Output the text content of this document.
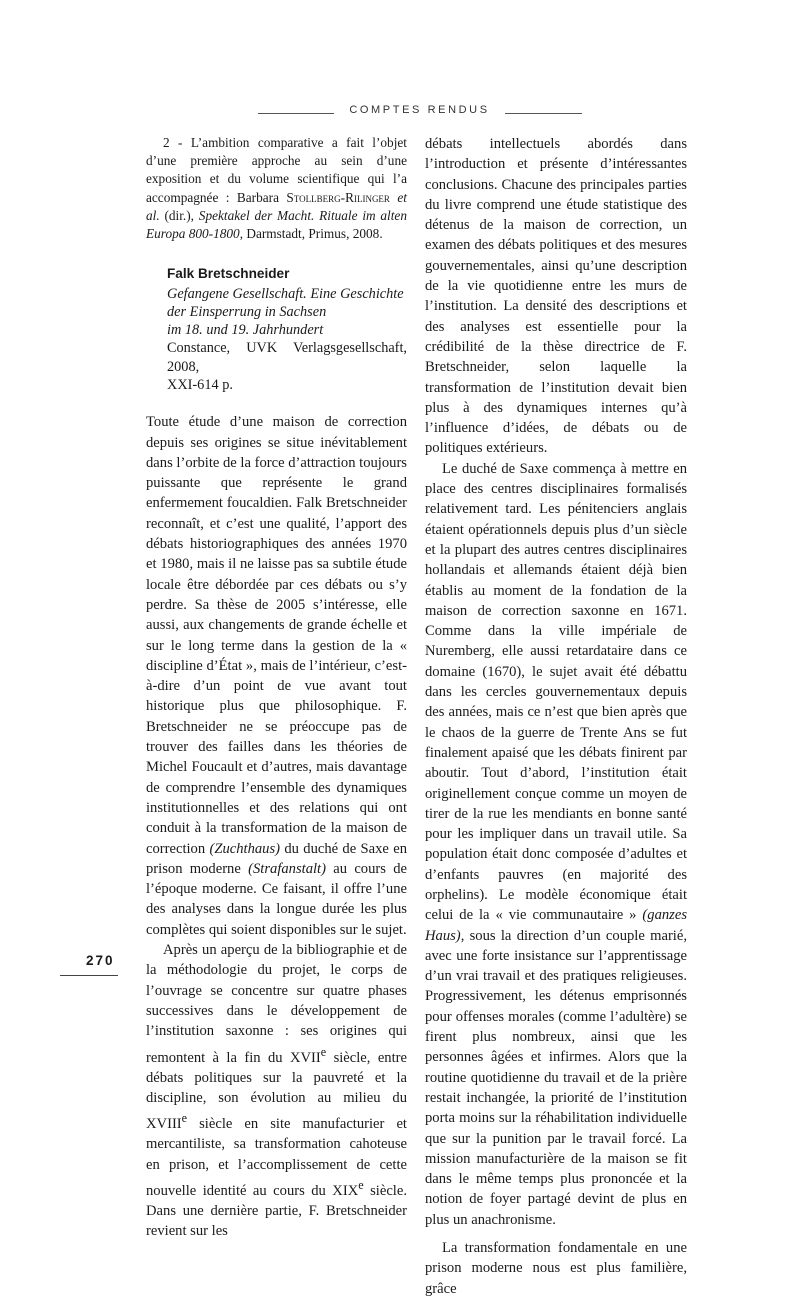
COMPTES RENDUS

2 - L’ambition comparative a fait l’objet d’une première approche au sein d’une exposition et du volume scientifique qui l’a accompagnée : Barbara Stollberg-Rilinger et al. (dir.), Spektakel der Macht. Rituale im alten Europa 800-1800, Darmstadt, Primus, 2008.

Falk Bretschneider
Gefangene Gesellschaft. Eine Geschichte
der Einsperrung in Sachsen
im 18. und 19. Jahrhundert
Constance, UVK Verlagsgesellschaft, 2008,
XXI-614 p.

Toute étude d’une maison de correction depuis ses origines se situe inévitablement dans l’orbite de la force d’attraction toujours puissante que représente le grand enfermement foucaldien. Falk Bretschneider reconnaît, et c’est une qualité, l’apport des débats historiographiques des années 1970 et 1980, mais il ne laisse pas sa subtile étude locale être débordée par ces débats ou s’y perdre. Sa thèse de 2005 s’intéresse, elle aussi, aux changements de grande échelle et sur le long terme dans la gestion de la « discipline d’État », mais de l’intérieur, c’est-à-dire d’un point de vue avant tout historique plus que philosophique. F. Bretschneider ne se préoccupe pas de trouver des failles dans les théories de Michel Foucault et d’autres, mais davantage de comprendre l’ensemble des dynamiques institutionnelles et des relations qui ont conduit à la transformation de la maison de correction (Zuchthaus) du duché de Saxe en prison moderne (Strafanstalt) au cours de l’époque moderne. Ce faisant, il offre l’une des analyses dans la longue durée les plus complètes qui soient disponibles sur le sujet.

Après un aperçu de la bibliographie et de la méthodologie du projet, le corps de l’ouvrage se concentre sur quatre phases successives dans le développement de l’institution saxonne : ses origines qui remontent à la fin du XVIIe siècle, entre débats politiques sur la pauvreté et la discipline, son évolution au milieu du XVIIIe siècle en site manufacturier et mercantiliste, sa transformation cahoteuse en prison, et l’accomplissement de cette nouvelle identité au cours du XIXe siècle. Dans une dernière partie, F. Bretschneider revient sur les

débats intellectuels abordés dans l’introduction et présente d’intéressantes conclusions. Chacune des principales parties du livre comprend une étude statistique des détenus de la maison de correction, un examen des débats politiques et des mesures gouvernementales, ainsi qu’une description de la vie quotidienne entre les murs de l’institution. La densité des descriptions et des analyses est essentielle pour la crédibilité de la thèse directrice de F. Bretschneider, selon laquelle la transformation de l’institution devait bien plus à des dynamiques internes qu’à l’influence d’idées, de débats ou de politiques extérieurs.

Le duché de Saxe commença à mettre en place des centres disciplinaires formalisés relativement tard. Les pénitenciers anglais étaient opérationnels depuis plus d’un siècle et la plupart des autres centres disciplinaires hollandais et allemands étaient déjà bien établis au moment de la fondation de la maison de correction saxonne en 1671. Comme dans la ville impériale de Nuremberg, elle aussi retardataire dans ce domaine (1670), le sujet avait été débattu dans les cercles gouvernementaux depuis des années, mais ce n’est que bien après que le chaos de la guerre de Trente Ans se fut finalement apaisé que les débats finirent par aboutir. Tout d’abord, l’institution était originellement conçue comme un moyen de tirer de la rue les mendiants en bonne santé pour les impliquer dans un travail utile. Sa population était donc composée d’adultes et d’enfants pauvres (en majorité des orphelins). Le modèle économique était celui de la « vie communautaire » (ganzes Haus), sous la direction d’un couple marié, avec une forte insistance sur l’apprentissage d’un vrai travail et des pratiques religieuses. Progressivement, les détenus emprisonnés pour offenses morales (comme l’adultère) se firent plus nombreux, ainsi que les personnes âgées et infirmes. Alors que la routine quotidienne du travail et de la prière restait inchangée, la priorité de l’institution porta moins sur la réhabilitation individuelle que sur la punition par le travail forcé. La mission manufacturière de la maison se fit dans le même temps plus prononcée et la notion de foyer partagé devint de plus en plus un anachronisme.

La transformation fondamentale en une prison moderne nous est plus familière, grâce

270
